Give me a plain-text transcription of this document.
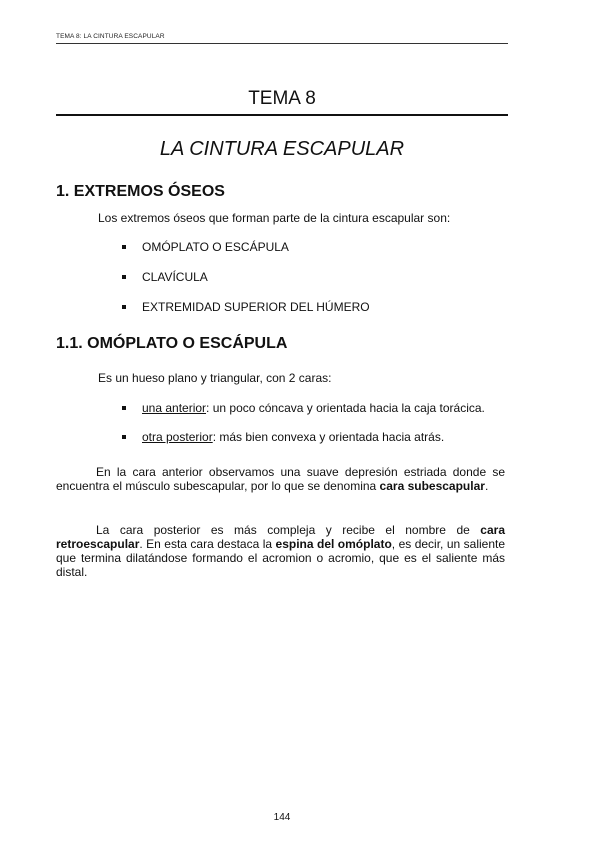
TEMA 8: LA CINTURA ESCAPULAR
TEMA 8
LA CINTURA ESCAPULAR
1. EXTREMOS ÓSEOS
Los extremos óseos que forman parte de la cintura escapular son:
OMÓPLATO O ESCÁPULA
CLAVÍCULA
EXTREMIDAD SUPERIOR DEL HÚMERO
1.1. OMÓPLATO O ESCÁPULA
Es un hueso plano y triangular, con 2 caras:
una anterior: un poco cóncava y orientada hacia la caja torácica.
otra posterior: más bien convexa y orientada hacia atrás.
En la cara anterior observamos una suave depresión estriada donde se encuentra el músculo subescapular, por lo que se denomina cara subescapular.
La cara posterior es más compleja y recibe el nombre de cara retroescapular. En esta cara destaca la espina del omóplato, es decir, un saliente que termina dilatándose formando el acromion o acromio, que es el saliente más distal.
144
